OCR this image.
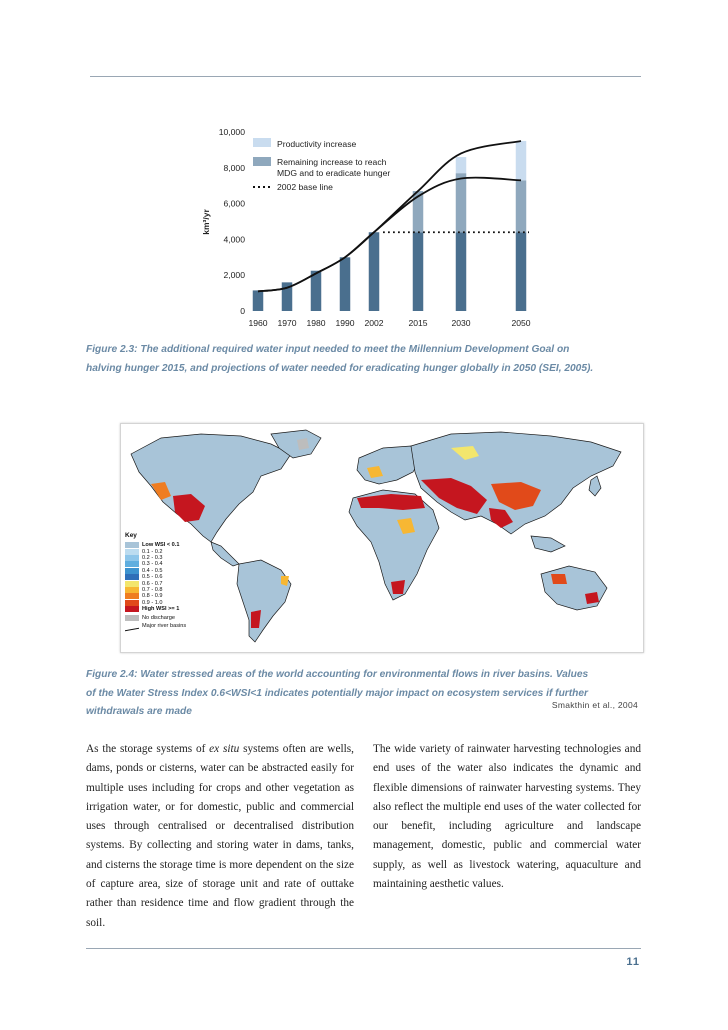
0
2,000
4,000
6,000
8,000
10,000
1960 1970 1980 1990 2002	2015	2030	2050
km³/yr
Productivity increase
Remaining increase to reach
MDG and to eradicate hunger
2002 base line
Figure 2.3: The additional required water input needed to meet the Millennium Development Goal on
halving hunger 2015, and projections of water needed for eradicating hunger globally in 2050 (SEI, 2005).
Key
Low WSI < 0.1
0.1 - 0.2
0.2 - 0.3
0.3 - 0.4
0.4 - 0.5
0.5 - 0.6
0.6 - 0.7
0.7 - 0.8
0.8 - 0.9
0.9 - 1.0
High WSI >= 1
No discharge
Major river basins
Figure 2.4: Water stressed areas of the world accounting for environmental flows in river basins. Values
of the Water Stress Index 0.6<WSI<1 indicates potentially major impact on ecosystem services if further
withdrawals are made
Smakthin et al., 2004
As the storage systems of ex situ systems often are wells, dams, ponds or cisterns, water can be abstracted easily for multiple uses including for crops and other vegetation as irrigation water, or for domestic, public and commercial uses through centralised or decentralised distribution systems. By collecting and storing water in dams, tanks, and cisterns the storage time is more dependent on the size of capture area, size of storage unit and rate of outtake rather than residence time and flow gradient through the soil.
The wide variety of rainwater harvesting technologies and end uses of the water also indicates the dynamic and flexible dimensions of rainwater harvesting systems. They also reflect the multiple end uses of the water collected for our benefit, including agriculture and landscape management, domestic, public and commercial water supply, as well as livestock watering, aquaculture and maintaining aesthetic values.
11
